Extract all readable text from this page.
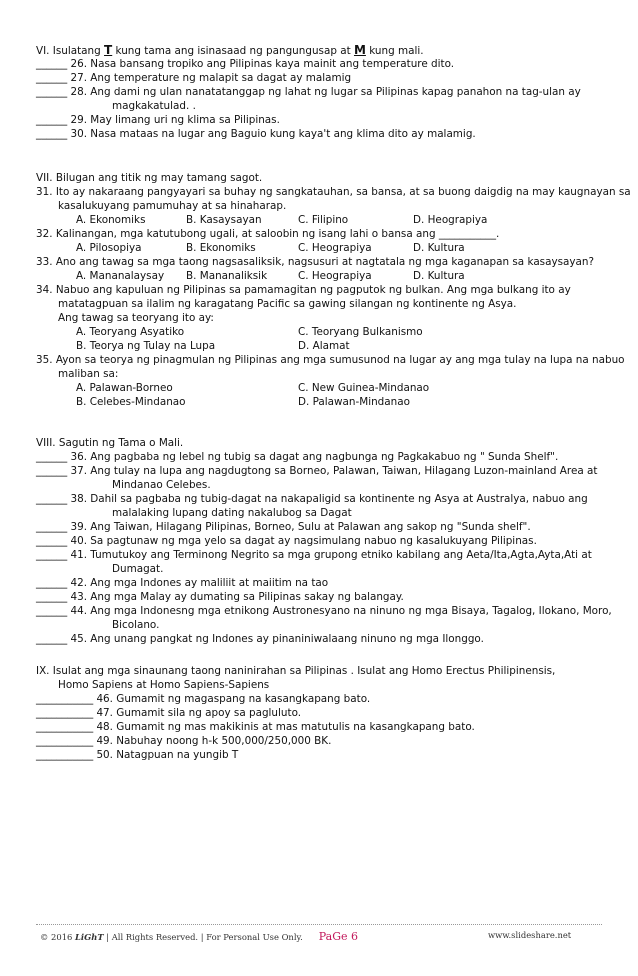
VI. Isulatang T kung tama ang isinasaad ng pangungusap at M kung mali.
______ 26. Nasa bansang tropiko ang Pilipinas kaya mainit ang temperature dito.
______ 27. Ang temperature ng malapit sa dagat ay malamig
______ 28. Ang dami ng ulan nanatatanggap ng lahat ng lugar sa Pilipinas kapag panahon na tag-ulan ay
magkakatulad. .
______ 29. May limang uri ng klima sa Pilipinas.
______ 30. Nasa mataas na lugar ang Baguio kung kaya't ang klima dito ay malamig.
VII. Bilugan ang titik ng may tamang sagot.
31. Ito ay nakaraang pangyayari sa buhay ng sangkatauhan, sa bansa, at sa buong daigdig na may kaugnayan sa
kasalukuyang pamumuhay at sa hinaharap.
A. Ekonomiks	B. Kasaysayan	C. Filipino	D. Heograpiya
32. Kalinangan, mga katutubong ugali, at saloobin ng isang lahi o bansa ang ___________.
A. Pilosopiya	B. Ekonomiks	C. Heograpiya	D. Kultura
33. Ano ang tawag sa mga taong nagsasaliksik, nagsusuri at nagtatala ng mga kaganapan sa kasaysayan?
A. Mananalaysay B. Mananaliksik	C. Heograpiya	D. Kultura
34. Nabuo ang kapuluan ng Pilipinas sa pamamagitan ng pagputok ng bulkan. Ang mga bulkang ito ay
matatagpuan sa ilalim ng karagatang Pacific sa gawing silangan ng kontinente ng Asya.
Ang tawag sa teoryang ito ay:
A. Teoryang Asyatiko	C. Teoryang Bulkanismo
B. Teorya ng Tulay na Lupa	D. Alamat
35. Ayon sa teorya ng pinagmulan ng Pilipinas ang mga sumusunod na lugar ay ang mga tulay na lupa na nabuo
maliban sa:
A. Palawan-Borneo	C. New Guinea-Mindanao
B. Celebes-Mindanao	D. Palawan-Mindanao
VIII. Sagutin ng Tama o Mali.
______ 36. Ang pagbaba ng lebel ng tubig sa dagat ang nagbunga ng Pagkakabuo ng " Sunda Shelf".
______ 37. Ang tulay na lupa ang nagdugtong sa Borneo, Palawan, Taiwan, Hilagang Luzon-mainland Area at
Mindanao Celebes.
______ 38. Dahil sa pagbaba ng tubig-dagat na nakapaligid sa kontinente ng Asya at Australya, nabuo ang
malalaking lupang dating nakalubog sa Dagat
______ 39. Ang Taiwan, Hilagang Pilipinas, Borneo, Sulu at Palawan ang sakop ng "Sunda shelf".
______ 40. Sa pagtunaw ng mga yelo sa dagat ay nagsimulang nabuo ng kasalukuyang Pilipinas.
______ 41. Tumutukoy ang Terminong Negrito sa mga grupong etniko kabilang ang Aeta/Ita,Agta,Ayta,Ati at
Dumagat.
______ 42. Ang mga Indones ay maliliit at maiitim na tao
______ 43. Ang mga Malay ay dumating sa Pilipinas sakay ng balangay.
______ 44. Ang mga Indonesng mga etnikong Austronesyano na ninuno ng mga Bisaya, Tagalog, Ilokano, Moro,
Bicolano.
______ 45. Ang unang pangkat ng Indones ay pinaniniwalaang ninuno ng mga Ilonggo.
IX. Isulat ang mga sinaunang taong naninirahan sa Pilipinas . Isulat ang Homo Erectus Philipinensis,
Homo Sapiens at Homo Sapiens-Sapiens
___________ 46. Gumamit ng magaspang na kasangkapang bato.
___________ 47. Gumamit sila ng apoy sa pagluluto.
___________ 48. Gumamit ng mas makikinis at mas matutulis na kasangkapang bato.
___________ 49. Nabuhay noong h-k 500,000/250,000 BK.
___________ 50. Natagpuan na yungib T
© 2016 LiGhT | All Rights Reserved. | For Personal Use Only. PaGe 6	www.slideshare.net
